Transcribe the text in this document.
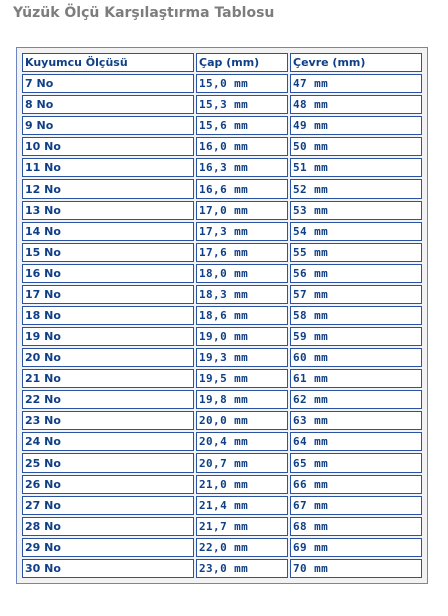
Yüzük Ölçü Karşılaştırma Tablosu
Kuyumcu Ölçüsü	Çap (mm)	Çevre (mm)
7 No	15,0 mm	47 mm
8 No	15,3 mm	48 mm
9 No	15,6 mm	49 mm
10 No	16,0 mm	50 mm
11 No	16,3 mm	51 mm
12 No	16,6 mm	52 mm
13 No	17,0 mm	53 mm
14 No	17,3 mm	54 mm
15 No	17,6 mm	55 mm
16 No	18,0 mm	56 mm
17 No	18,3 mm	57 mm
18 No	18,6 mm	58 mm
19 No	19,0 mm	59 mm
20 No	19,3 mm	60 mm
21 No	19,5 mm	61 mm
22 No	19,8 mm	62 mm
23 No	20,0 mm	63 mm
24 No	20,4 mm	64 mm
25 No	20,7 mm	65 mm
26 No	21,0 mm	66 mm
27 No	21,4 mm	67 mm
28 No	21,7 mm	68 mm
29 No	22,0 mm	69 mm
30 No	23,0 mm	70 mm
